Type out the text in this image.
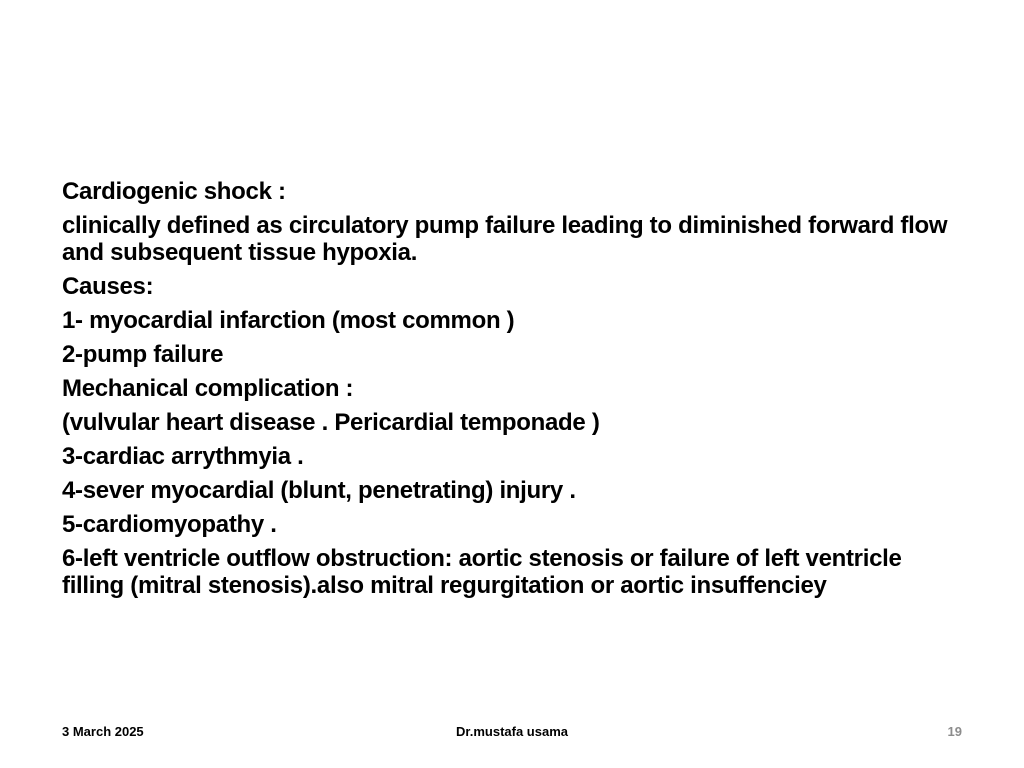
Cardiogenic shock :
clinically defined as circulatory pump failure leading to diminished forward flow and subsequent tissue hypoxia.
Causes:
1- myocardial infarction (most common )
2-pump failure
Mechanical complication :
(vulvular heart disease . Pericardial temponade )
3-cardiac arrythmyia .
4-sever myocardial (blunt, penetrating) injury .
5-cardiomyopathy .
6-left ventricle outflow obstruction: aortic stenosis or failure of left ventricle filling (mitral stenosis).also mitral regurgitation or aortic insuffenciey
3 March 2025	Dr.mustafa usama	19
